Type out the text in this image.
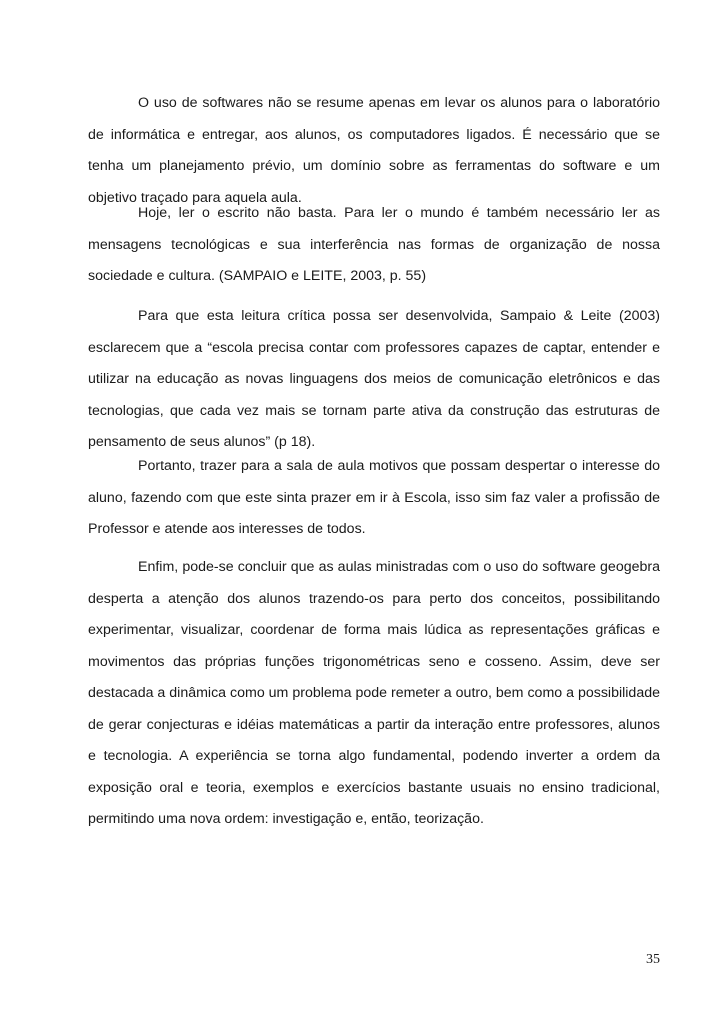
O uso de softwares não se resume apenas em levar os alunos para o laboratório de informática e entregar, aos alunos, os computadores ligados. É necessário que se tenha um planejamento prévio, um domínio sobre as ferramentas do software e um objetivo traçado para aquela aula.

Hoje, ler o escrito não basta. Para ler o mundo é também necessário ler as mensagens tecnológicas e sua interferência nas formas de organização de nossa sociedade e cultura. (SAMPAIO e LEITE, 2003, p. 55)

Para que esta leitura crítica possa ser desenvolvida, Sampaio & Leite (2003) esclarecem que a “escola precisa contar com professores capazes de captar, entender e utilizar na educação as novas linguagens dos meios de comunicação eletrônicos e das tecnologias, que cada vez mais se tornam parte ativa da construção das estruturas de pensamento de seus alunos” (p 18).

Portanto, trazer para a sala de aula motivos que possam despertar o interesse do aluno, fazendo com que este sinta prazer em ir à Escola, isso sim faz valer a profissão de Professor e atende aos interesses de todos.

Enfim, pode-se concluir que as aulas ministradas com o uso do software geogebra desperta a atenção dos alunos trazendo-os para perto dos conceitos, possibilitando experimentar, visualizar, coordenar de forma mais lúdica as representações gráficas e movimentos das próprias funções trigonométricas seno e cosseno. Assim, deve ser destacada a dinâmica como um problema pode remeter a outro, bem como a possibilidade de gerar conjecturas e idéias matemáticas a partir da interação entre professores, alunos e tecnologia. A experiência se torna algo fundamental, podendo inverter a ordem da exposição oral e teoria, exemplos e exercícios bastante usuais no ensino tradicional, permitindo uma nova ordem: investigação e, então, teorização.

35
